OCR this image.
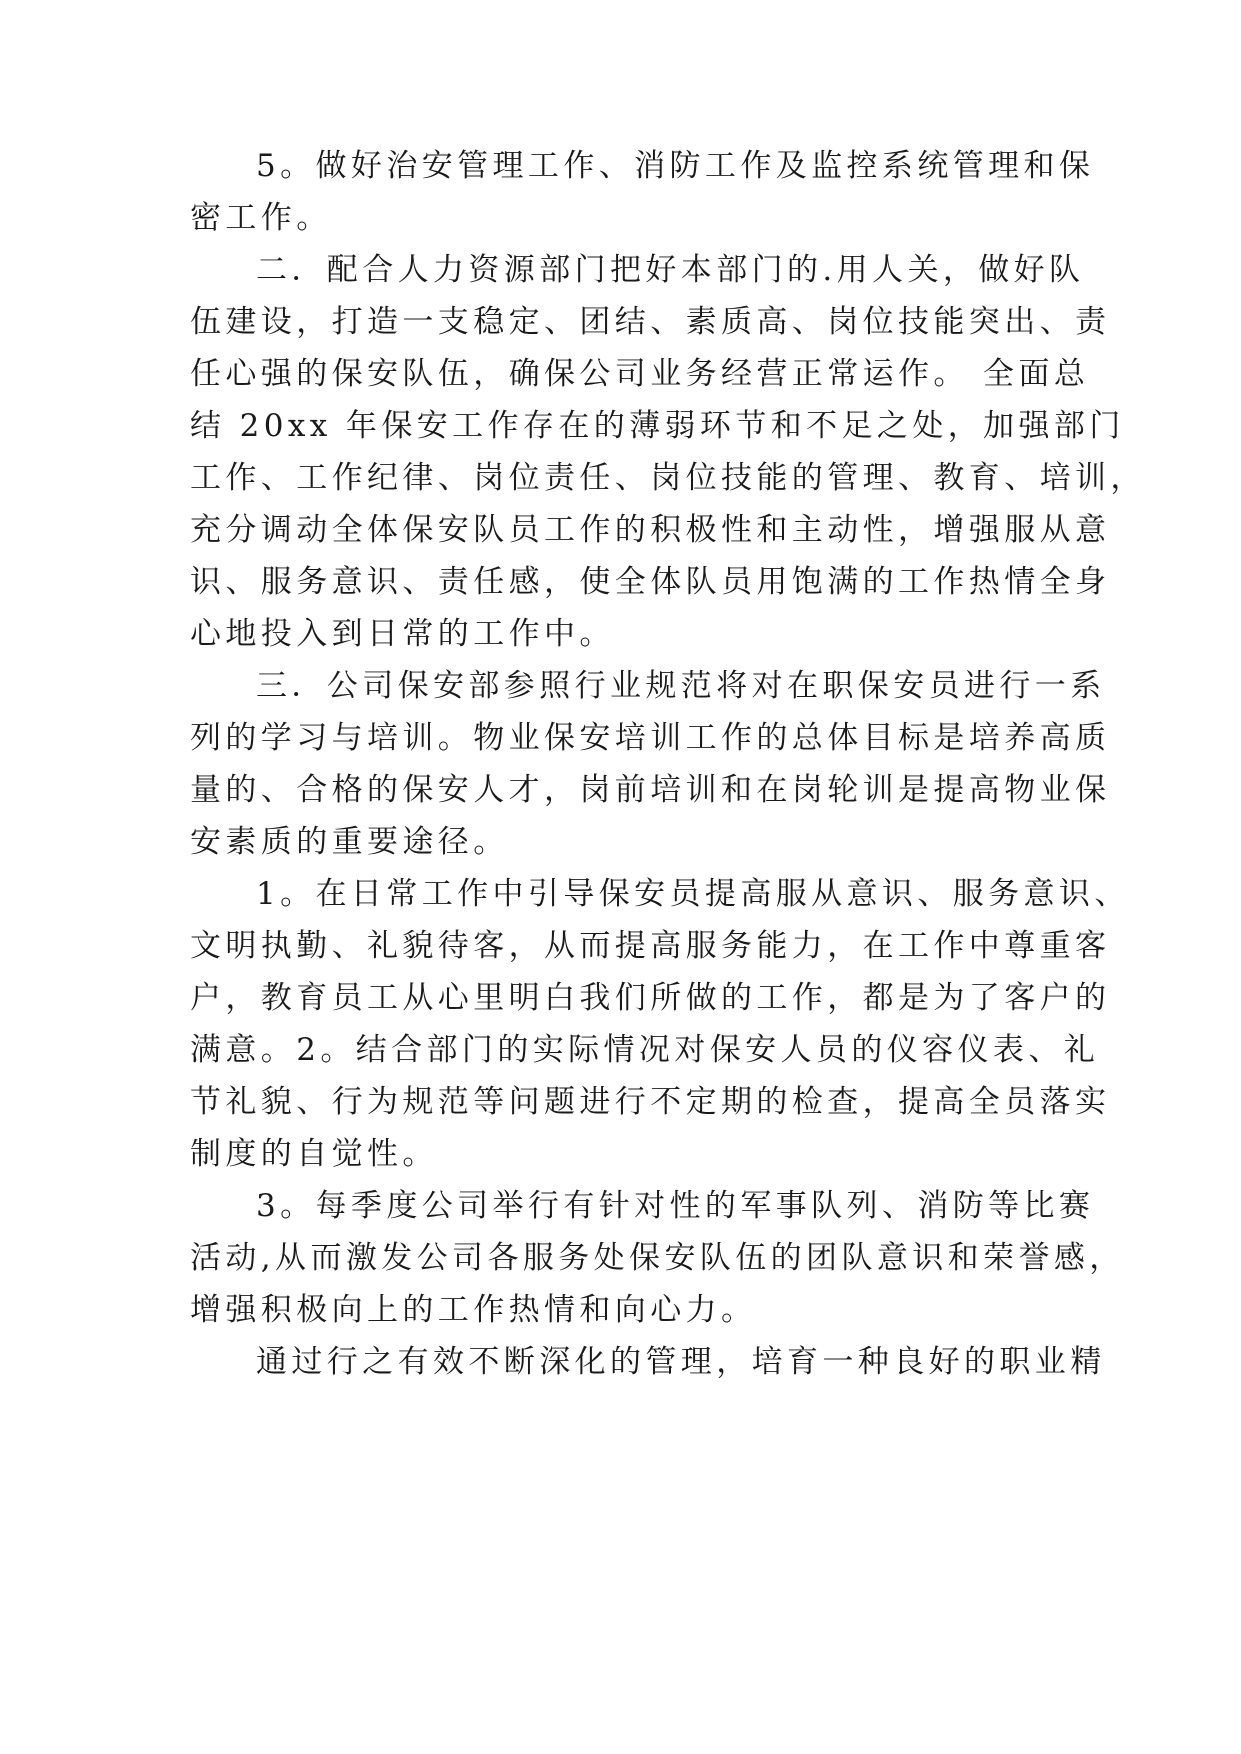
5。做好治安管理工作、消防工作及监控系统管理和保
密工作。
二．配合人力资源部门把好本部门的.用人关，做好队
伍建设，打造一支稳定、团结、素质高、岗位技能突出、责
任心强的保安队伍，确保公司业务经营正常运作。 全面总
结 20xx 年保安工作存在的薄弱环节和不足之处，加强部门
工作、工作纪律、岗位责任、岗位技能的管理、教育、培训，
充分调动全体保安队员工作的积极性和主动性，增强服从意
识、服务意识、责任感，使全体队员用饱满的工作热情全身
心地投入到日常的工作中。
三．公司保安部参照行业规范将对在职保安员进行一系
列的学习与培训。物业保安培训工作的总体目标是培养高质
量的、合格的保安人才，岗前培训和在岗轮训是提高物业保
安素质的重要途径。
1。在日常工作中引导保安员提高服从意识、服务意识、
文明执勤、礼貌待客，从而提高服务能力，在工作中尊重客
户，教育员工从心里明白我们所做的工作，都是为了客户的
满意。2。结合部门的实际情况对保安人员的仪容仪表、礼
节礼貌、行为规范等问题进行不定期的检查，提高全员落实
制度的自觉性。
3。每季度公司举行有针对性的军事队列、消防等比赛
活动,从而激发公司各服务处保安队伍的团队意识和荣誉感，
增强积极向上的工作热情和向心力。
通过行之有效不断深化的管理，培育一种良好的职业精
